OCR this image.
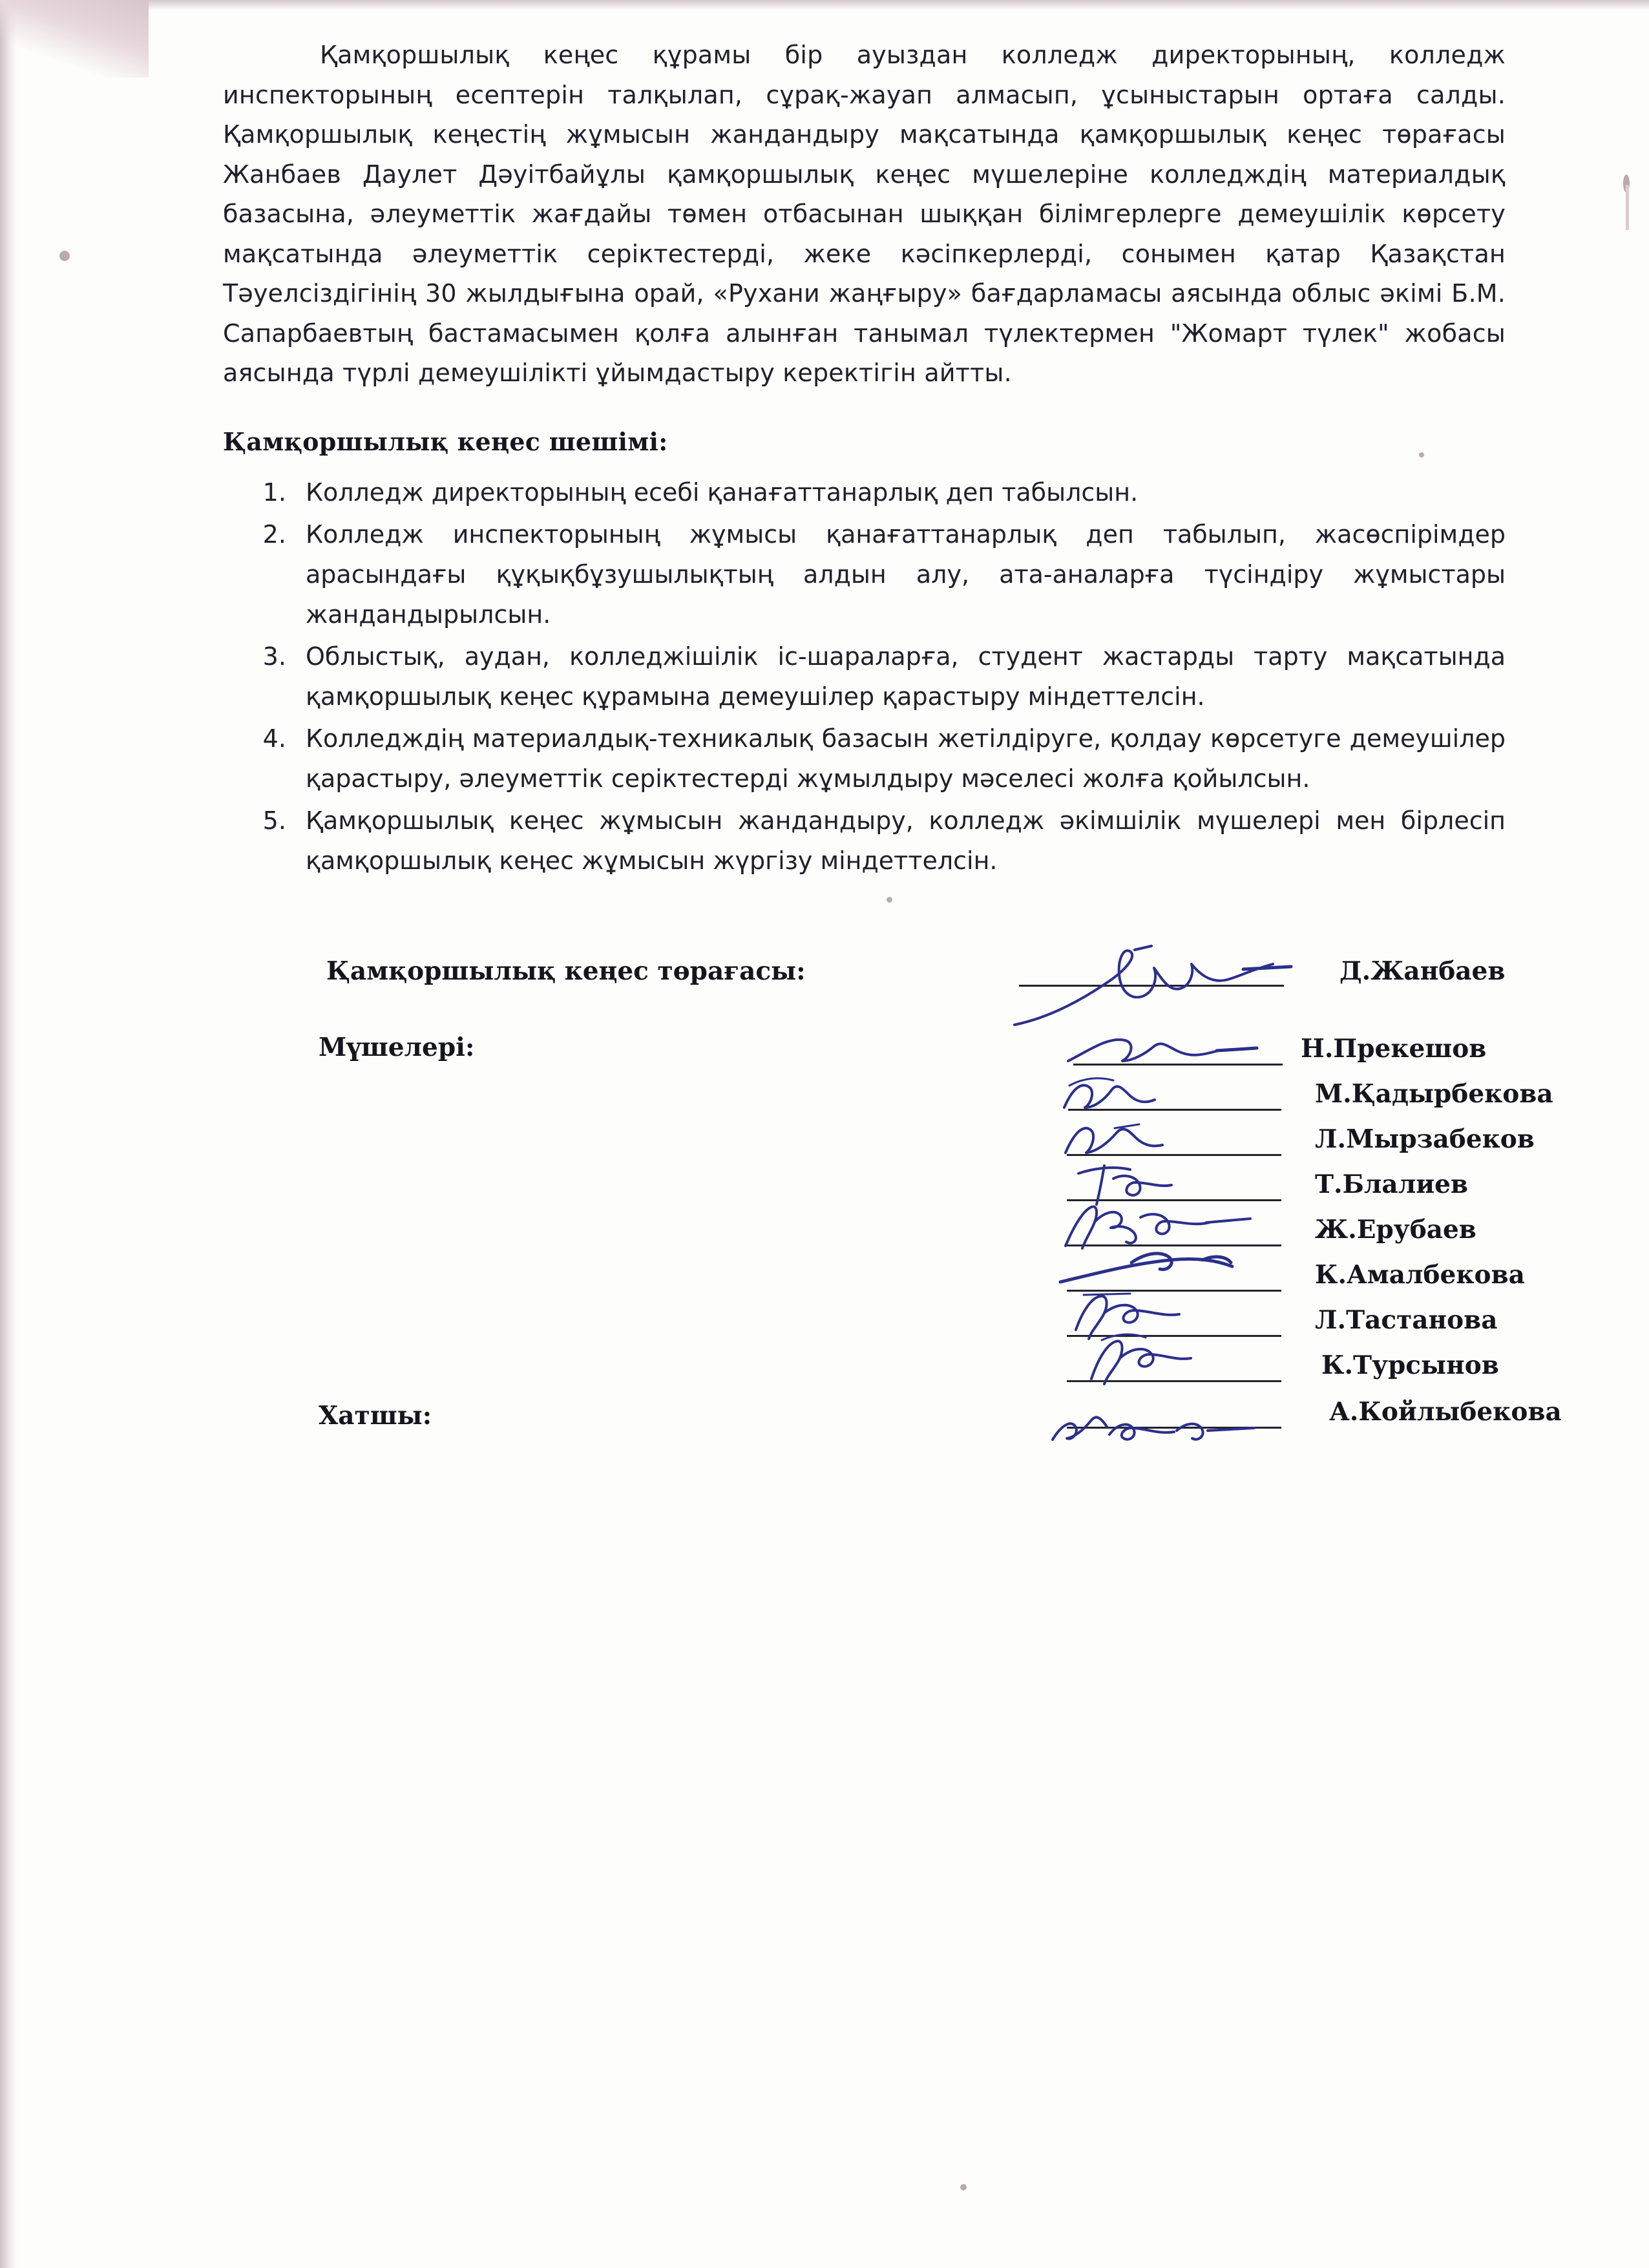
Қамқоршылық кеңес құрамы бір ауыздан колледж директорының, колледж инспекторының есептерін талқылап, сұрақ-жауап алмасып, ұсыныстарын ортаға салды. Қамқоршылық кеңестің жұмысын жандандыру мақсатында қамқоршылық кеңес төрағасы Жанбаев Даулет Дәуітбайұлы қамқоршылық кеңес мүшелеріне колледждің материалдық базасына, әлеуметтік жағдайы төмен отбасынан шыққан білімгерлерге демеушілік көрсету мақсатында әлеуметтік серіктестерді, жеке кәсіпкерлерді, сонымен қатар Қазақстан Тәуелсіздігінің 30 жылдығына орай, «Рухани жаңғыру» бағдарламасы аясында облыс әкімі Б.М. Сапарбаевтың бастамасымен қолға алынған танымал түлектермен "Жомарт түлек" жобасы аясында түрлі демеушілікті ұйымдастыру керектігін айтты.

Қамқоршылық кеңес шешімі:
1. Колледж директорының есебі қанағаттанарлық деп табылсын.
2. Колледж инспекторының жұмысы қанағаттанарлық деп табылып, жасөспірімдер арасындағы құқықбұзушылықтың алдын алу, ата-аналарға түсіндіру жұмыстары жандандырылсын.
3. Облыстық, аудан, колледжішілік іс-шараларға, студент жастарды тарту мақсатында қамқоршылық кеңес құрамына демеушілер қарастыру міндеттелсін.
4. Колледждің материалдық-техникалық базасын жетілдіруге, қолдау көрсетуге демеушілер қарастыру, әлеуметтік серіктестерді жұмылдыру мәселесі жолға қойылсын.
5. Қамқоршылық кеңес жұмысын жандандыру, колледж әкімшілік мүшелері мен бірлесіп қамқоршылық кеңес жұмысын жүргізу міндеттелсін.
Қамқоршылық кеңес төрағасы:
Мүшелері:
Хатшы:
Д.Жанбаев
Н.Прекешов
М.Қадырбекова
Л.Мырзабеков
Т.Блалиев
Ж.Ерубаев
К.Амалбекова
Л.Тастанова
К.Турсынов
А.Койлыбекова
